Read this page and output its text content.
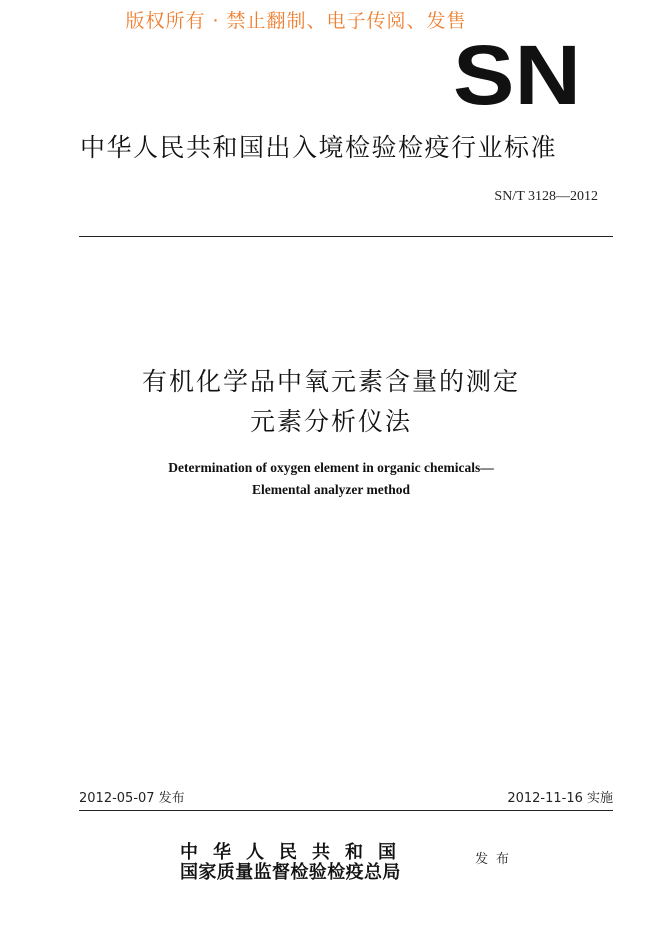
版权所有 · 禁止翻制、电子传阅、发售
SN
中华人民共和国出入境检验检疫行业标准
SN/T 3128—2012
有机化学品中氧元素含量的测定
元素分析仪法
Determination of oxygen element in organic chemicals—
Elemental analyzer method
2012-05-07 发布	2012-11-16 实施
中华人民共和国
国家质量监督检验检疫总局
发布
